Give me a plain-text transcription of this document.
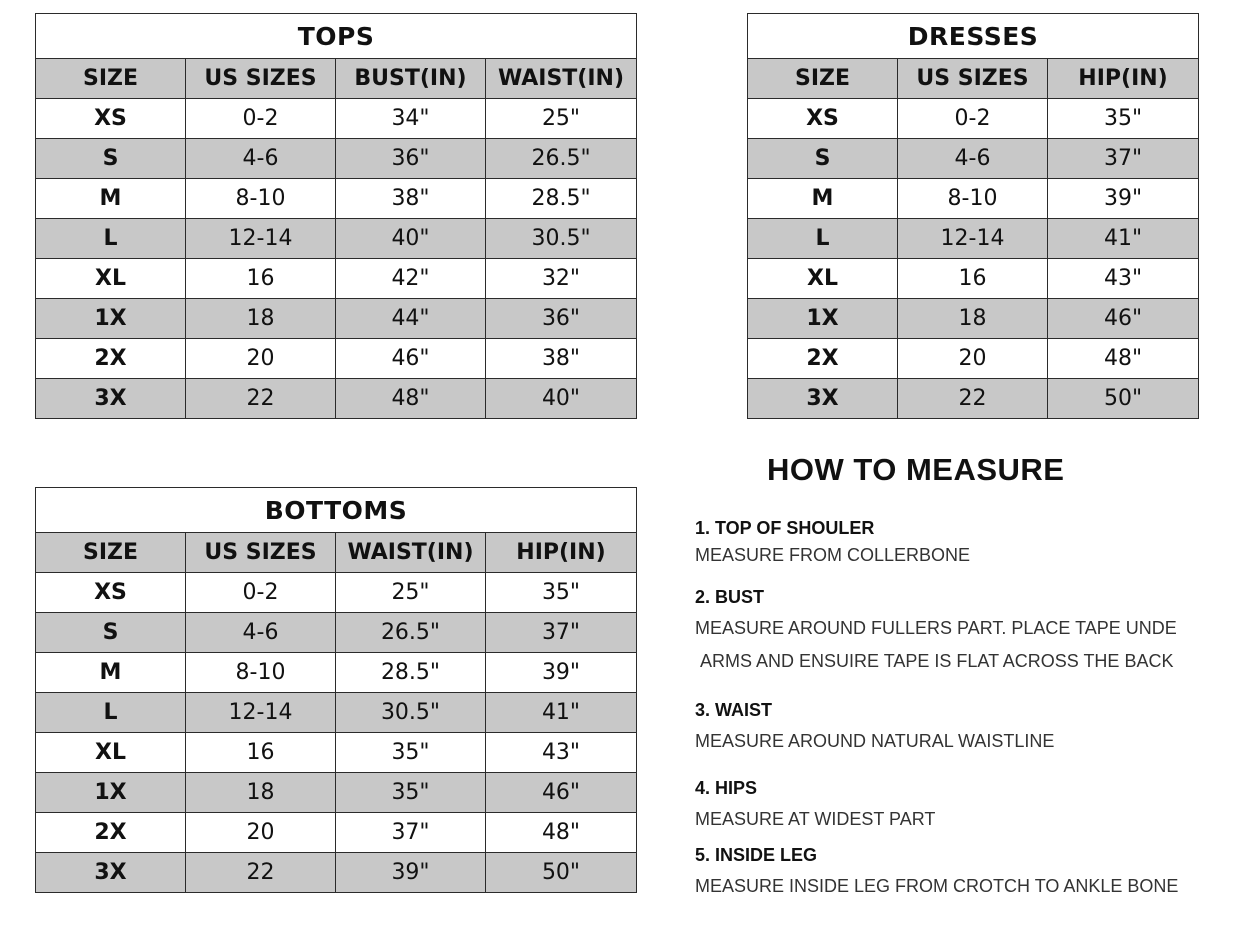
TOPS			
SIZE	US SIZES	BUST(IN)	WAIST(IN)
XS	0-2	34"	25"
S	4-6	36"	26.5"
M	8-10	38"	28.5"
L	12-14	40"	30.5"
XL	16	42"	32"
1X	18	44"	36"
2X	20	46"	38"
3X	22	48"	40"
DRESSES		
SIZE	US SIZES	HIP(IN)
XS	0-2	35"
S	4-6	37"
M	8-10	39"
L	12-14	41"
XL	16	43"
1X	18	46"
2X	20	48"
3X	22	50"
BOTTOMS			
SIZE	US SIZES	WAIST(IN)	HIP(IN)
XS	0-2	25"	35"
S	4-6	26.5"	37"
M	8-10	28.5"	39"
L	12-14	30.5"	41"
XL	16	35"	43"
1X	18	35"	46"
2X	20	37"	48"
3X	22	39"	50"
HOW TO MEASURE
1. TOP OF SHOULER
MEASURE FROM COLLERBONE
2. BUST
MEASURE AROUND FULLERS PART. PLACE TAPE UNDE
ARMS AND ENSUIRE TAPE IS FLAT ACROSS THE BACK
3. WAIST
MEASURE AROUND NATURAL WAISTLINE
4. HIPS
MEASURE AT WIDEST PART
5. INSIDE LEG
MEASURE INSIDE LEG FROM CROTCH TO ANKLE BONE
